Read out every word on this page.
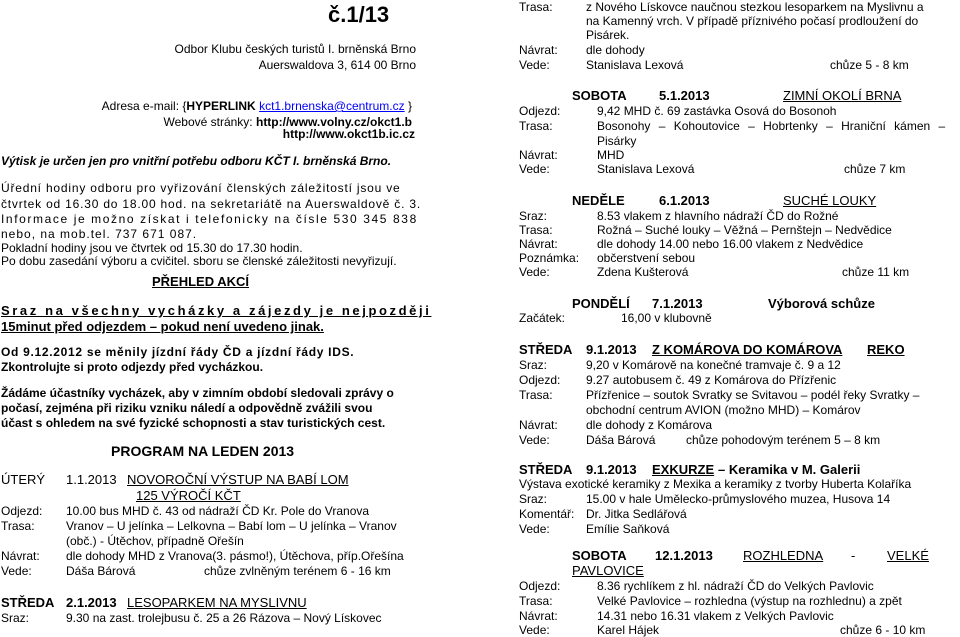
č.1/13
Odbor Klubu českých turistů I. brněnská Brno
Auerswaldova 3, 614 00 Brno
Adresa e-mail: {HYPERLINK kct1.brnenska@centrum.cz }
Webové stránky: http://www.volny.cz/okct1.b
http://www.okct1b.ic.cz
Výtisk je určen jen pro vnitřní potřebu odboru KČT I. brněnská Brno.
Úřední hodiny odboru pro vyřizování členských záležitostí jsou ve
čtvrtek od 16.30 do 18.00 hod. na sekretariátě na Auerswaldově č. 3.
Informace je možno získat i telefonicky na čísle 530 345 838
nebo, na mob.tel. 737 671 087.
Pokladní hodiny jsou ve čtvrtek od 15.30 do 17.30 hodin.
Po dobu zasedání výboru a cvičitel. sboru se členské záležitosti nevyřizují.
PŘEHLED AKCÍ
Sraz na všechny vycházky a zájezdy je nejpozději
15minut před odjezdem – pokud není uvedeno jinak.
Od 9.12.2012 se měnily jízdní řády ČD a jízdní řády IDS.
Zkontrolujte si proto odjezdy před vycházkou.
Žádáme účastníky vycházek, aby v zimním období sledovali zprávy o
počasí, zejména při riziku vzniku náledí a odpovědně zvážili svou
účast s ohledem na své fyzické schopnosti a stav turistických cest.
PROGRAM NA LEDEN 2013
ÚTERÝ 1.1.2013 NOVOROČNÍ VÝSTUP NA BABÍ LOM
125 VÝROČÍ KČT
Odjezd: 10.00 bus MHD č. 43 od nádraží ČD Kr. Pole do Vranova
Trasa:	Vranov – U jelínka – Lelkovna – Babí lom – U jelínka – Vranov
(obč.) - Útěchov, případně Ořešín
Návrat: dle dohody MHD z Vranova(3. pásmo!), Útěchova, příp.Ořešína
Vede:	Dáša Bárová	chůze zvlněným terénem 6 - 16 km
STŘEDA 2.1.2013 LESOPARKEM NA MYSLIVNU
Sraz:	9.30 na zast. trolejbusu č. 25 a 26 Rázova – Nový Lískovec
Trasa:	z Nového Lískovce naučnou stezkou lesoparkem na Myslivnu a
na Kamenný vrch. V případě příznivého počasí prodloužení do
Pisárek.
Návrat: dle dohody
Vede:	Stanislava Lexová	chůze 5 - 8 km
SOBOTA 5.1.2013	ZIMNÍ OKOLÍ BRNA
Odjezd:	9,42 MHD č. 69 zastávka Osová do Bosonoh
Trasa:	Bosonohy – Kohoutovice – Hobrtenky – Hraniční kámen –
Pisárky
Návrat:	MHD
Vede:	Stanislava Lexová	chůze 7 km
NEDĚLE	6.1.2013	SUCHÉ LOUKY
Sraz:	8.53 vlakem z hlavního nádraží ČD do Rožné
Trasa:	Rožná – Suché louky – Věžná – Pernštejn – Nedvědice
Návrat:	dle dohody 14.00 nebo 16.00 vlakem z Nedvědice
Poznámka: občerstvení sebou
Vede:	Zdena Kušterová	chůze 11 km
PONDĚLÍ 7.1.2013	Výborová schůze
Začátek:	16,00 v klubovně
STŘEDA 9.1.2013 Z KOMÁROVA DO KOMÁROVA REKO
Sraz:	9,20 v Komárově na konečné tramvaje č. 9 a 12
Odjezd: 9.27 autobusem č. 49 z Komárova do Přízřenic
Trasa:	Přízřenice – soutok Svratky se Svitavou – podél řeky Svratky –
obchodní centrum AVION (možno MHD) – Komárov
Návrat: dle dohody z Komárova
Vede:	Dáša Bárová	chůze pohodovým terénem 5 – 8 km
STŘEDA 9.1.2013 EXKURZE – Keramika v M. Galerii
Výstava exotické keramiky z Mexika a keramiky z tvorby Huberta Kolaříka
Sraz:	15.00 v hale Umělecko-průmyslového muzea, Husova 14
Komentář: Dr. Jitka Sedlářová
Vede:	Emílie Saňková
SOBOTA 12.1.2013 ROZHLEDNA - VELKÉ
PAVLOVICE
Odjezd:	8.36 rychlíkem z hl. nádraží ČD do Velkých Pavlovic
Trasa:	Velké Pavlovice – rozhledna (výstup na rozhlednu) a zpět
Návrat:	14.31 nebo 16.31 vlakem z Velkých Pavlovic
Vede:	Karel Hájek	chůze 6 - 10 km
